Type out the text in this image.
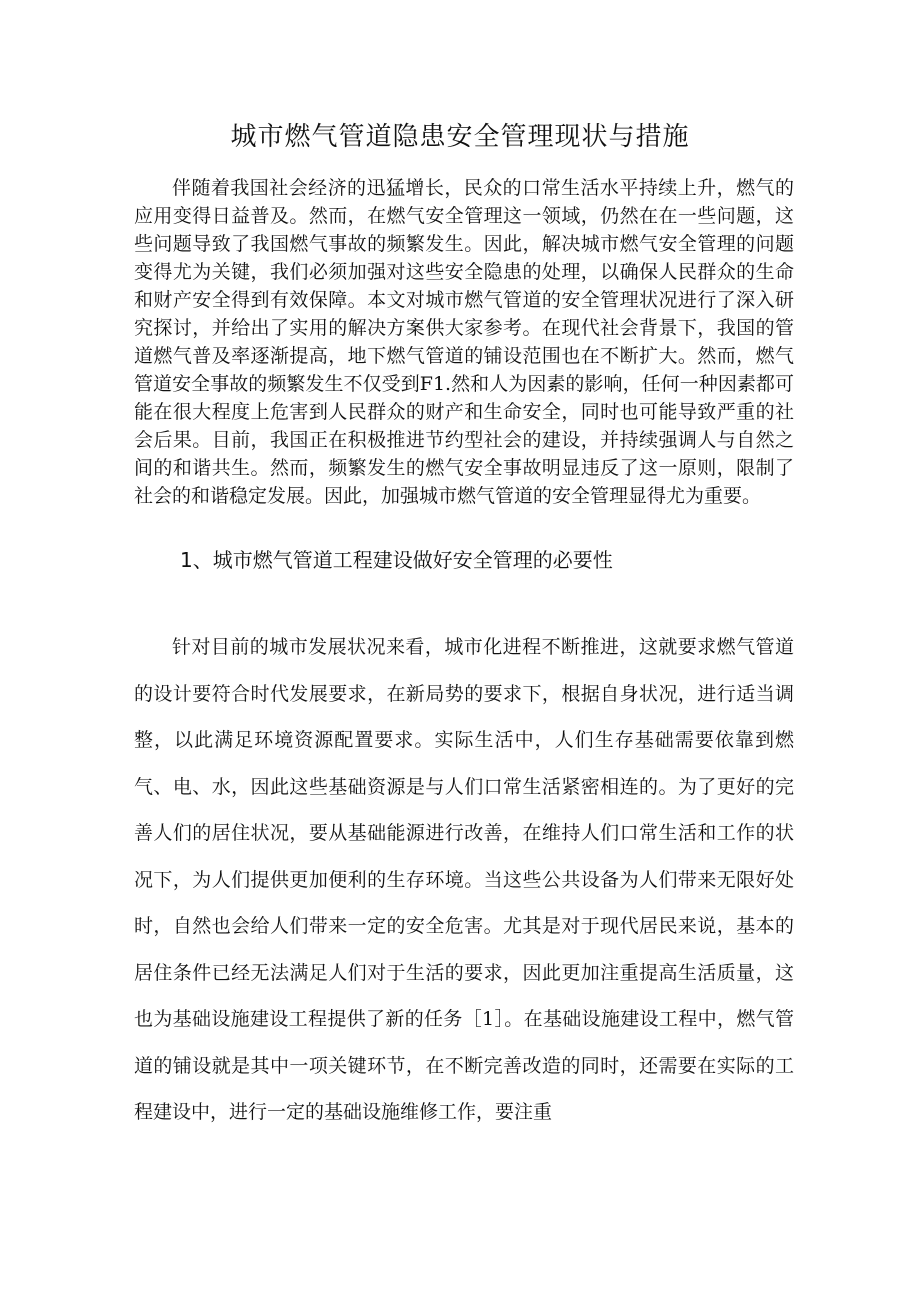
城市燃气管道隐患安全管理现状与措施

伴随着我国社会经济的迅猛增长，民众的口常生活水平持续上升，燃气的应用变得日益普及。然而，在燃气安全管理这一领域，仍然在在一些问题，这些问题导致了我国燃气事故的频繁发生。因此，解决城市燃气安全管理的问题变得尤为关键，我们必须加强对这些安全隐患的处理，以确保人民群众的生命和财产安全得到有效保障。本文对城市燃气管道的安全管理状况进行了深入研究探讨，并给出了实用的解决方案供大家参考。在现代社会背景下，我国的管道燃气普及率逐渐提高，地下燃气管道的铺设范围也在不断扩大。然而，燃气管道安全事故的频繁发生不仅受到F1.然和人为因素的影响，任何一种因素都可能在很大程度上危害到人民群众的财产和生命安全，同时也可能导致严重的社会后果。目前，我国正在积极推进节约型社会的建设，并持续强调人与自然之间的和谐共生。然而，频繁发生的燃气安全事故明显违反了这一原则，限制了社会的和谐稳定发展。因此，加强城市燃气管道的安全管理显得尤为重要。

1、城市燃气管道工程建设做好安全管理的必要性

针对目前的城市发展状况来看，城市化进程不断推进，这就要求燃气管道的设计要符合时代发展要求，在新局势的要求下，根据自身状况，进行适当调整，以此满足环境资源配置要求。实际生活中，人们生存基础需要依靠到燃气、电、水，因此这些基础资源是与人们口常生活紧密相连的。为了更好的完善人们的居住状况，要从基础能源进行改善，在维持人们口常生活和工作的状况下，为人们提供更加便利的生存环境。当这些公共设备为人们带来无限好处时，自然也会给人们带来一定的安全危害。尤其是对于现代居民来说，基本的居住条件已经无法满足人们对于生活的要求，因此更加注重提高生活质量，这也为基础设施建设工程提供了新的任务［1］。在基础设施建设工程中，燃气管道的铺设就是其中一项关键环节，在不断完善改造的同时，还需要在实际的工程建设中，进行一定的基础设施维修工作，要注重
